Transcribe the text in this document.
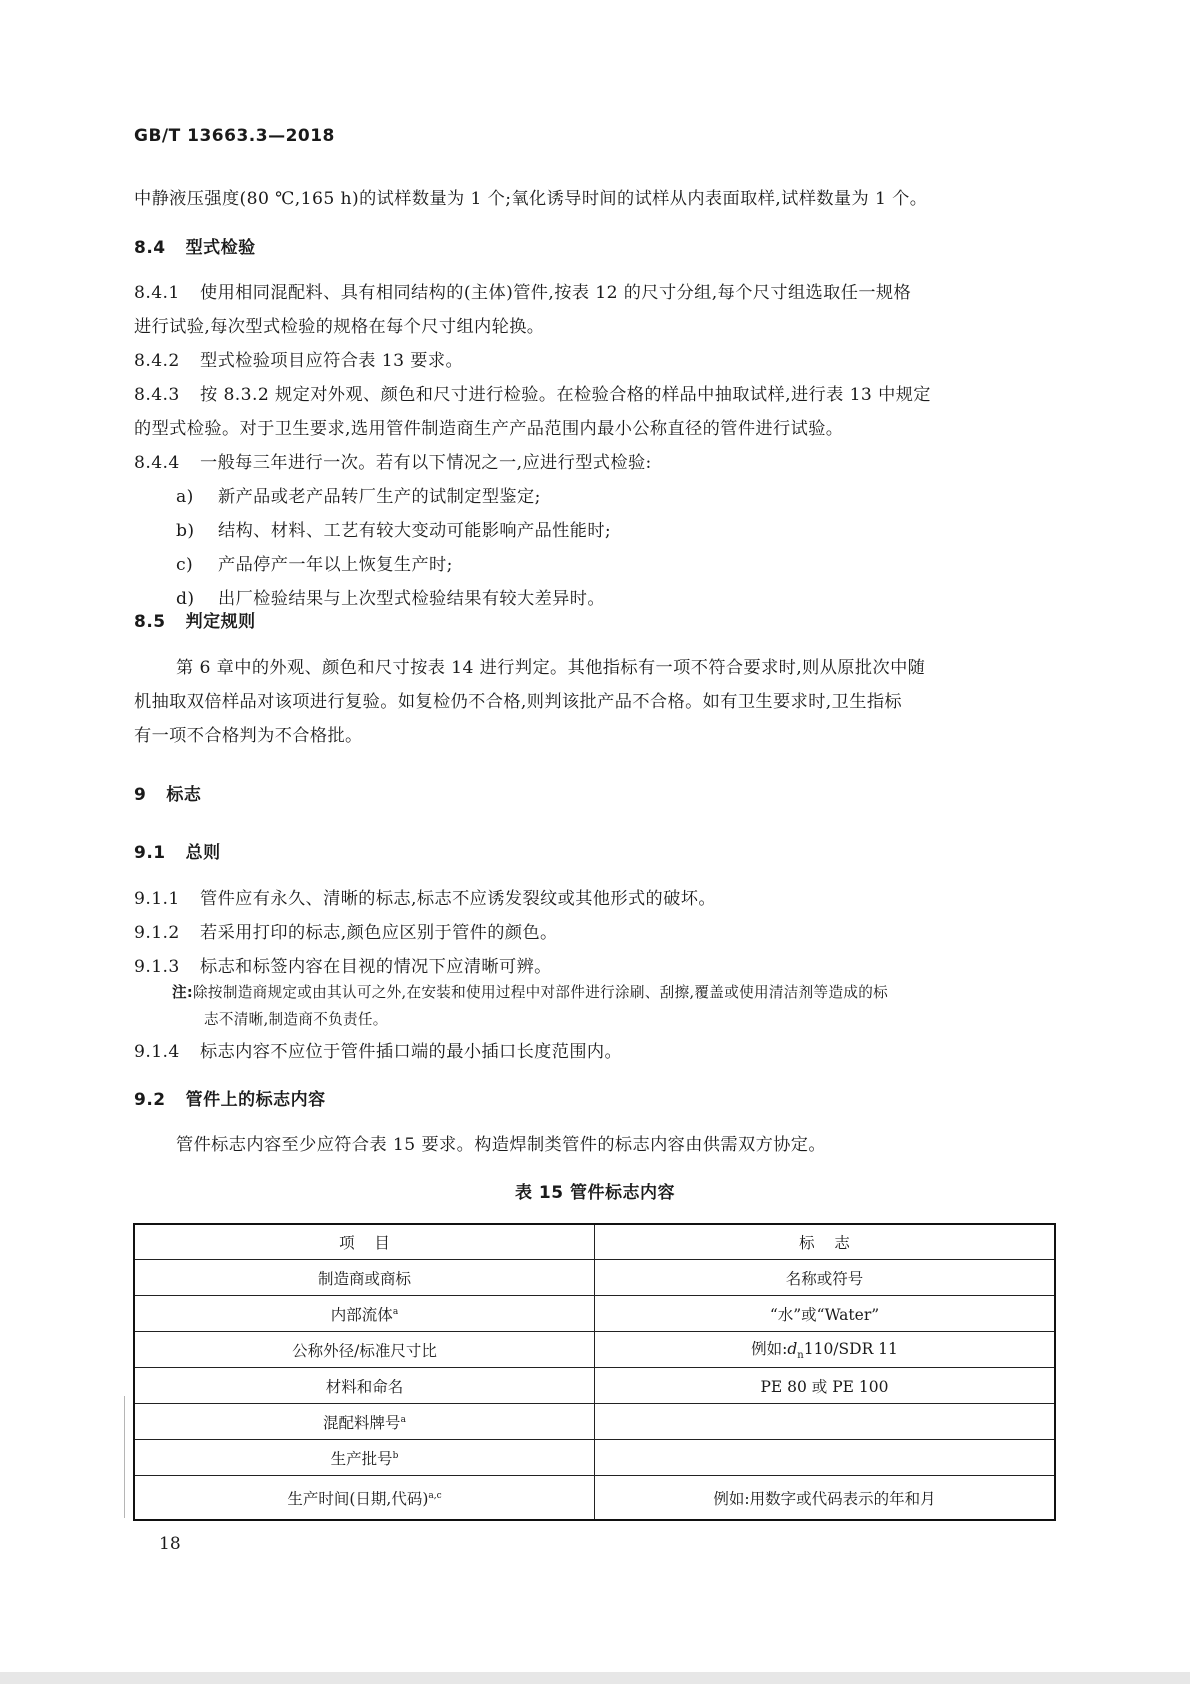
GB/T 13663.3—2018
中静液压强度(80 ℃,165 h)的试样数量为 1 个;氧化诱导时间的试样从内表面取样,试样数量为 1 个。
8.4 型式检验
8.4.1 使用相同混配料、具有相同结构的(主体)管件,按表 12 的尺寸分组,每个尺寸组选取任一规格
进行试验,每次型式检验的规格在每个尺寸组内轮换。
8.4.2 型式检验项目应符合表 13 要求。
8.4.3 按 8.3.2 规定对外观、颜色和尺寸进行检验。在检验合格的样品中抽取试样,进行表 13 中规定
的型式检验。对于卫生要求,选用管件制造商生产产品范围内最小公称直径的管件进行试验。
8.4.4 一般每三年进行一次。若有以下情况之一,应进行型式检验:
a) 新产品或老产品转厂生产的试制定型鉴定;
b) 结构、材料、工艺有较大变动可能影响产品性能时;
c) 产品停产一年以上恢复生产时;
d) 出厂检验结果与上次型式检验结果有较大差异时。
8.5 判定规则
第 6 章中的外观、颜色和尺寸按表 14 进行判定。其他指标有一项不符合要求时,则从原批次中随
机抽取双倍样品对该项进行复验。如复检仍不合格,则判该批产品不合格。如有卫生要求时,卫生指标
有一项不合格判为不合格批。
9 标志
9.1 总则
9.1.1 管件应有永久、清晰的标志,标志不应诱发裂纹或其他形式的破坏。
9.1.2 若采用打印的标志,颜色应区别于管件的颜色。
9.1.3 标志和标签内容在目视的情况下应清晰可辨。
注:除按制造商规定或由其认可之外,在安装和使用过程中对部件进行涂刷、刮擦,覆盖或使用清洁剂等造成的标
志不清晰,制造商不负责任。
9.1.4 标志内容不应位于管件插口端的最小插口长度范围内。
9.2 管件上的标志内容
管件标志内容至少应符合表 15 要求。构造焊制类管件的标志内容由供需双方协定。
表 15 管件标志内容
项    目	标    志
制造商或商标	名称或符号
内部流体$^a$	“水”或“Water”
公称外径/标准尺寸比	例如$:d_n110$/SDR 11
材料和命名	PE 80 或 PE 100
混配料牌号$^a$	
生产批号$^b$	
生产时间(日期,代码)$^{a,c}$	例如:用数字或代码表示的年和月
18
